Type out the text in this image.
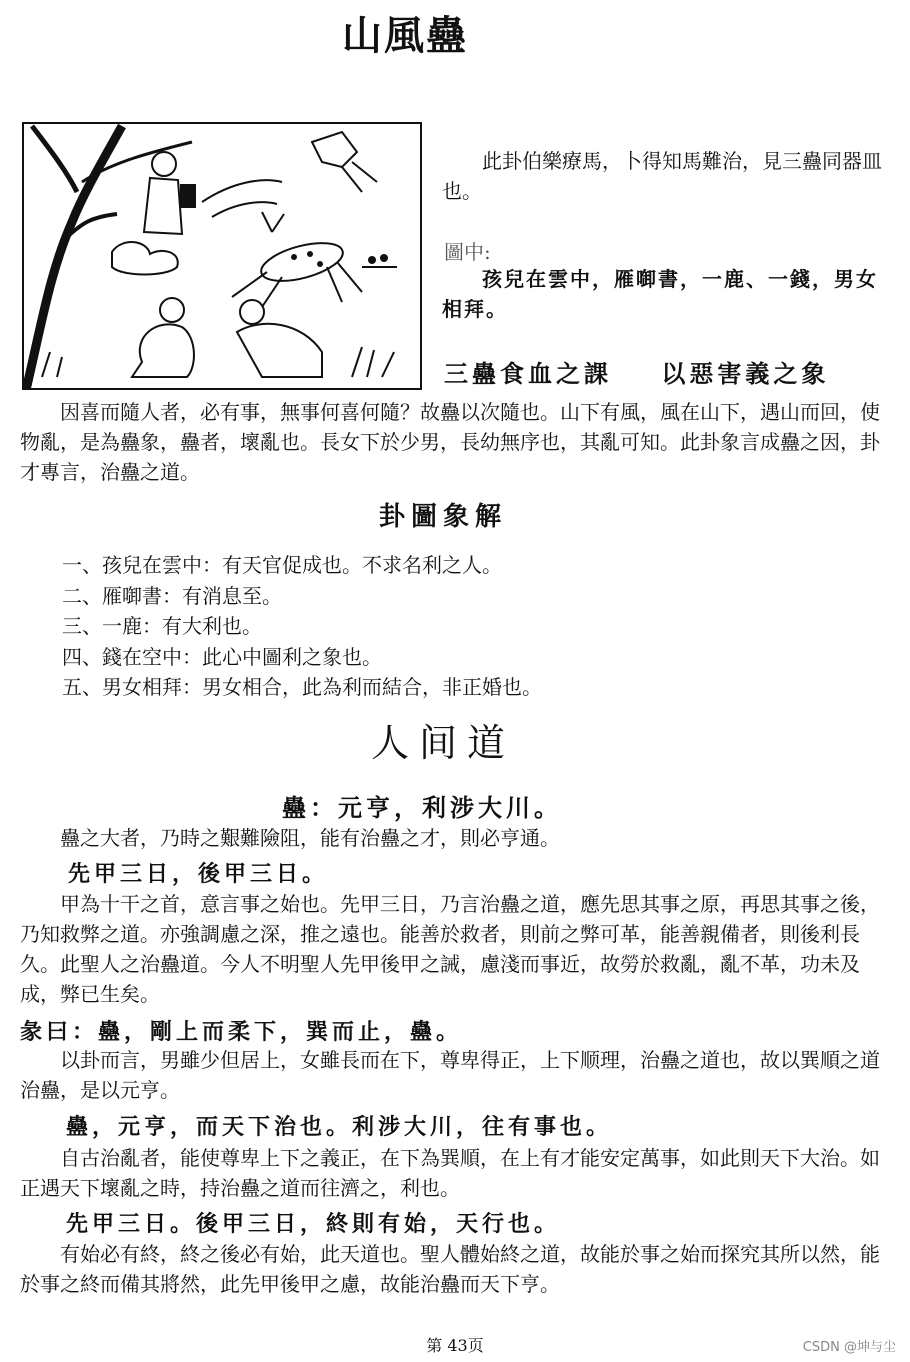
山風蠱

此卦伯樂療馬，卜得知馬難治，見三蠱同器皿也。

圖中:

孩兒在雲中，雁啣書，一鹿、一錢，男女相拜。

三蠱食血之課    以惡害義之象

因喜而隨人者，必有事，無事何喜何隨？故蠱以次隨也。山下有風，風在山下，遇山而回，使物亂，是為蠱象，蠱者，壞亂也。長女下於少男，長幼無序也，其亂可知。此卦象言成蠱之因，卦才專言，治蠱之道。

卦圖象解
一、孩兒在雲中：有天官促成也。不求名利之人。
二、雁啣書：有消息至。
三、一鹿：有大利也。
四、錢在空中：此心中圖利之象也。
五、男女相拜：男女相合，此為利而結合，非正婚也。
人间道
蠱：元亨，利涉大川。

蠱之大者，乃時之艱難險阻，能有治蠱之才，則必亨通。

先甲三日，後甲三日。

甲為十干之首，意言事之始也。先甲三日，乃言治蠱之道，應先思其事之原，再思其事之後，乃知救弊之道。亦強調慮之深，推之遠也。能善於救者，則前之弊可革，能善親備者，則後利長久。此聖人之治蠱道。今人不明聖人先甲後甲之誡，慮淺而事近，故勞於救亂，亂不革，功未及成，弊已生矣。

彖曰：蠱，剛上而柔下，巽而止，蠱。

以卦而言，男雖少但居上，女雖長而在下，尊卑得正，上下顺理，治蠱之道也，故以巽順之道治蠱，是以元亨。

蠱，元亨，而天下治也。利涉大川，往有事也。

自古治亂者，能使尊卑上下之義正，在下為巽順，在上有才能安定萬事，如此則天下大治。如正遇天下壞亂之時，持治蠱之道而往濟之，利也。

先甲三日。後甲三日，終則有始，天行也。

有始必有終，終之後必有始，此天道也。聖人體始終之道，故能於事之始而探究其所以然，能於事之終而備其將然，此先甲後甲之慮，故能治蠱而天下亨。

第 43页	CSDN @坤与尘
